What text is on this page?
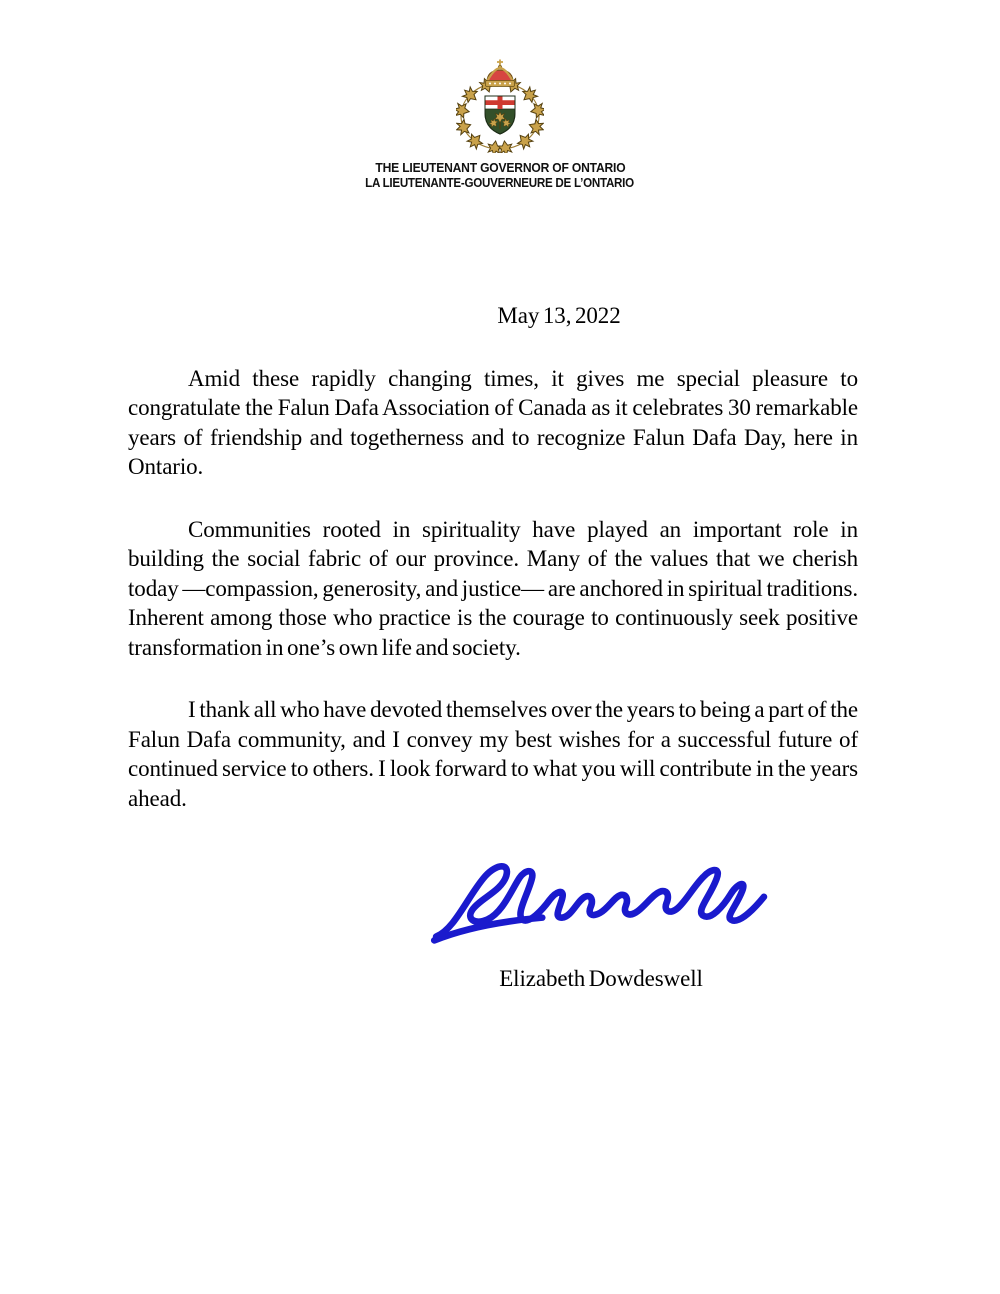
THE LIEUTENANT GOVERNOR OF ONTARIO
LA LIEUTENANTE-GOUVERNEURE DE L’ONTARIO
May 13, 2022

Amid these rapidly changing times, it gives me special pleasure to congratulate the Falun Dafa Association of Canada as it celebrates 30 remarkable years of friendship and togetherness and to recognize Falun Dafa Day, here in Ontario.

Communities rooted in spirituality have played an important role in building the social fabric of our province. Many of the values that we cherish today —compassion, generosity, and justice— are anchored in spiritual traditions. Inherent among those who practice is the courage to continuously seek positive transformation in one’s own life and society.

I thank all who have devoted themselves over the years to being a part of the Falun Dafa community, and I convey my best wishes for a successful future of continued service to others. I look forward to what you will contribute in the years ahead.

Elizabeth Dowdeswell
